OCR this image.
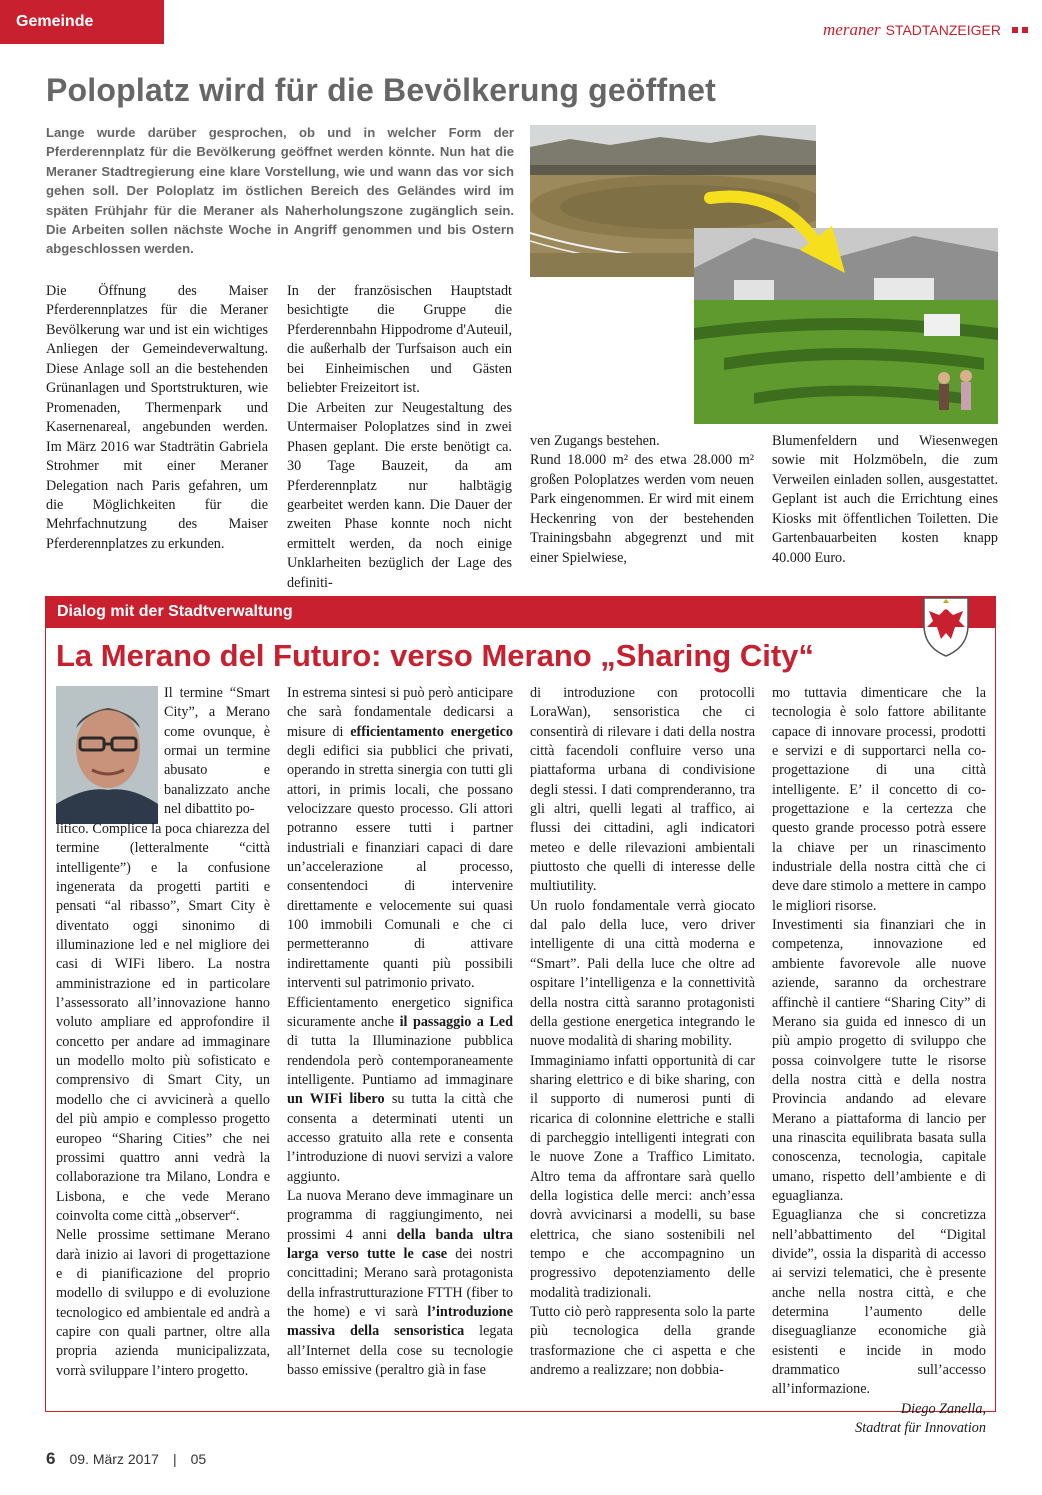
Gemeinde	meraner STADTANZEIGER
Poloplatz wird für die Bevölkerung geöffnet
Lange wurde darüber gesprochen, ob und in welcher Form der Pferderennplatz für die Bevölkerung geöffnet werden könnte. Nun hat die Meraner Stadtregierung eine klare Vorstellung, wie und wann das vor sich gehen soll. Der Poloplatz im östlichen Bereich des Geländes wird im späten Frühjahr für die Meraner als Naherholungszone zugänglich sein. Die Arbeiten sollen nächste Woche in Angriff genommen und bis Ostern abgeschlossen werden.

Die Öffnung des Maiser Pferderennplatzes für die Meraner Bevölkerung war und ist ein wichtiges Anliegen der Gemeindeverwaltung. Diese Anlage soll an die bestehenden Grünanlagen und Sportstrukturen, wie Promenaden, Thermenpark und Kasernenareal, angebunden werden. Im März 2016 war Stadträtin Gabriela Strohmer mit einer Meraner Delegation nach Paris gefahren, um die Möglichkeiten für die Mehrfachnutzung des Maiser Pferderennplatzes zu erkunden.

In der französischen Hauptstadt besichtigte die Gruppe die Pferderennbahn Hippodrome d'Auteuil, die außerhalb der Turfsaison auch ein bei Einheimischen und Gästen beliebter Freizeitort ist.

Die Arbeiten zur Neugestaltung des Untermaiser Poloplatzes sind in zwei Phasen geplant. Die erste benötigt ca. 30 Tage Bauzeit, da am Pferderennplatz nur halbtägig gearbeitet werden kann. Die Dauer der zweiten Phase konnte noch nicht ermittelt werden, da noch einige Unklarheiten bezüglich der Lage des definiti-

ven Zugangs bestehen.

Rund 18.000 m² des etwa 28.000 m² großen Poloplatzes werden vom neuen Park eingenommen. Er wird mit einem Heckenring von der bestehenden Trainingsbahn abgegrenzt und mit einer Spielwiese,

Blumenfeldern und Wiesenwegen sowie mit Holzmöbeln, die zum Verweilen einladen sollen, ausgestattet. Geplant ist auch die Errichtung eines Kiosks mit öffentlichen Toiletten. Die Gartenbauarbeiten kosten knapp 40.000 Euro.

Dialog mit der Stadtverwaltung
La Merano del Futuro: verso Merano „Sharing City“

Il termine “Smart City”, a Merano come ovunque, è ormai un termine abusato e banalizzato anche nel dibattito po-

litico. Complice la poca chiarezza del termine (letteralmente “città intelligente”) e la confusione ingenerata da progetti partiti e pensati “al ribasso”, Smart City è diventato oggi sinonimo di illuminazione led e nel migliore dei casi di WIFi libero. La nostra amministrazione ed in particolare l’assessorato all’innovazione hanno voluto ampliare ed approfondire il concetto per andare ad immaginare un modello molto più sofisticato e comprensivo di Smart City, un modello che ci avvicinerà a quello del più ampio e complesso progetto europeo “Sharing Cities” che nei prossimi quattro anni vedrà la collaborazione tra Milano, Londra e Lisbona, e che vede Merano coinvolta come città „observer“.

Nelle prossime settimane Merano darà inizio ai lavori di progettazione e di pianificazione del proprio modello di sviluppo e di evoluzione tecnologico ed ambientale ed andrà a capire con quali partner, oltre alla propria azienda municipalizzata, vorrà sviluppare l’intero progetto.

In estrema sintesi si può però anticipare che sarà fondamentale dedicarsi a misure di efficientamento energetico degli edifici sia pubblici che privati, operando in stretta sinergia con tutti gli attori, in primis locali, che possano velocizzare questo processo. Gli attori potranno essere tutti i partner industriali e finanziari capaci di dare un’accelerazione al processo, consentendoci di intervenire direttamente e velocemente sui quasi 100 immobili Comunali e che ci permetteranno di attivare indirettamente quanti più possibili interventi sul patrimonio privato.

Efficientamento energetico significa sicuramente anche il passaggio a Led di tutta la Illuminazione pubblica rendendola però contemporaneamente intelligente. Puntiamo ad immaginare un WIFi libero su tutta la città che consenta a determinati utenti un accesso gratuito alla rete e consenta l’introduzione di nuovi servizi a valore aggiunto.

La nuova Merano deve immaginare un programma di raggiungimento, nei prossimi 4 anni della banda ultra larga verso tutte le case dei nostri concittadini; Merano sarà protagonista della infrastrutturazione FTTH (fiber to the home) e vi sarà l’introduzione massiva della sensoristica legata all’Internet della cose su tecnologie basso emissive (peraltro già in fase

di introduzione con protocolli LoraWan), sensoristica che ci consentirà di rilevare i dati della nostra città facendoli confluire verso una piattaforma urbana di condivisione degli stessi. I dati comprenderanno, tra gli altri, quelli legati al traffico, ai flussi dei cittadini, agli indicatori meteo e delle rilevazioni ambientali piuttosto che quelli di interesse delle multiutility.

Un ruolo fondamentale verrà giocato dal palo della luce, vero driver intelligente di una città moderna e “Smart”. Pali della luce che oltre ad ospitare l’intelligenza e la connettività della nostra città saranno protagonisti della gestione energetica integrando le nuove modalità di sharing mobility.

Immaginiamo infatti opportunità di car sharing elettrico e di bike sharing, con il supporto di numerosi punti di ricarica di colonnine elettriche e stalli di parcheggio intelligenti integrati con le nuove Zone a Traffico Limitato. Altro tema da affrontare sarà quello della logistica delle merci: anch’essa dovrà avvicinarsi a modelli, su base elettrica, che siano sostenibili nel tempo e che accompagnino un progressivo depotenziamento delle modalità tradizionali.

Tutto ciò però rappresenta solo la parte più tecnologica della grande trasformazione che ci aspetta e che andremo a realizzare; non dobbia-

mo tuttavia dimenticare che la tecnologia è solo fattore abilitante capace di innovare processi, prodotti e servizi e di supportarci nella co-progettazione di una città intelligente. E’ il concetto di co-progettazione e la certezza che questo grande processo potrà essere la chiave per un rinascimento industriale della nostra città che ci deve dare stimolo a mettere in campo le migliori risorse.

Investimenti sia finanziari che in competenza, innovazione ed ambiente favorevole alle nuove aziende, saranno da orchestrare affinchè il cantiere “Sharing City” di Merano sia guida ed innesco di un più ampio progetto di sviluppo che possa coinvolgere tutte le risorse della nostra città e della nostra Provincia andando ad elevare Merano a piattaforma di lancio per una rinascita equilibrata basata sulla conoscenza, tecnologia, capitale umano, rispetto dell’ambiente e di eguaglianza.

Eguaglianza che si concretizza nell’abbattimento del “Digital divide”, ossia la disparità di accesso ai servizi telematici, che è presente anche nella nostra città, e che determina l’aumento delle diseguaglianze economiche già esistenti e incide in modo drammatico sull’accesso all’informazione.

Diego Zanella,

Stadtrat für Innovation

6 09. März 2017 | 05
